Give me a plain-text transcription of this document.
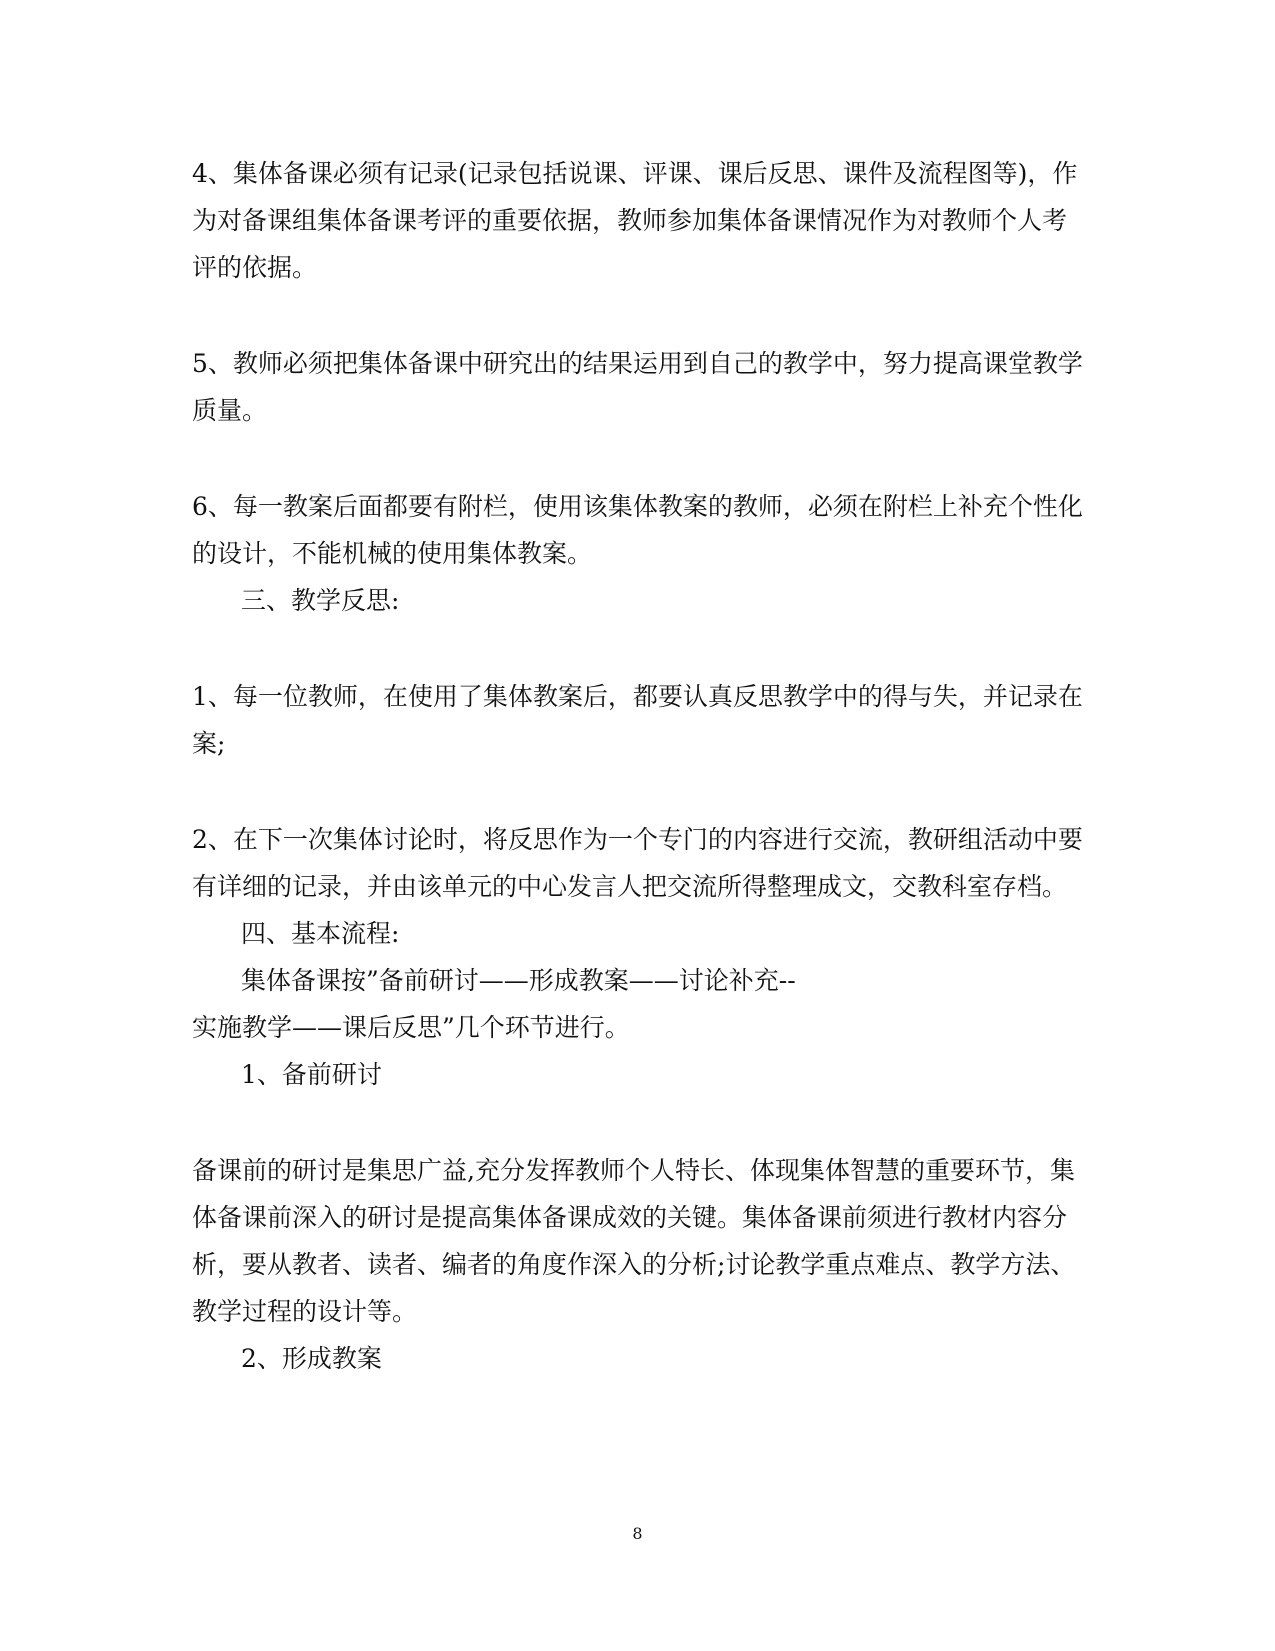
4、集体备课必须有记录(记录包括说课、评课、课后反思、课件及流程图等)，作
为对备课组集体备课考评的重要依据，教师参加集体备课情况作为对教师个人考
评的依据。
5、教师必须把集体备课中研究出的结果运用到自己的教学中，努力提高课堂教学
质量。
6、每一教案后面都要有附栏，使用该集体教案的教师，必须在附栏上补充个性化
的设计，不能机械的使用集体教案。
三、教学反思:
1、每一位教师，在使用了集体教案后，都要认真反思教学中的得与失，并记录在
案;
2、在下一次集体讨论时，将反思作为一个专门的内容进行交流，教研组活动中要
有详细的记录，并由该单元的中心发言人把交流所得整理成文，交教科室存档。
四、基本流程:
集体备课按”备前研讨——形成教案——讨论补充--
实施教学——课后反思”几个环节进行。
1、备前研讨
备课前的研讨是集思广益,充分发挥教师个人特长、体现集体智慧的重要环节，集
体备课前深入的研讨是提高集体备课成效的关键。集体备课前须进行教材内容分
析，要从教者、读者、编者的角度作深入的分析;讨论教学重点难点、教学方法、
教学过程的设计等。
2、形成教案
8
